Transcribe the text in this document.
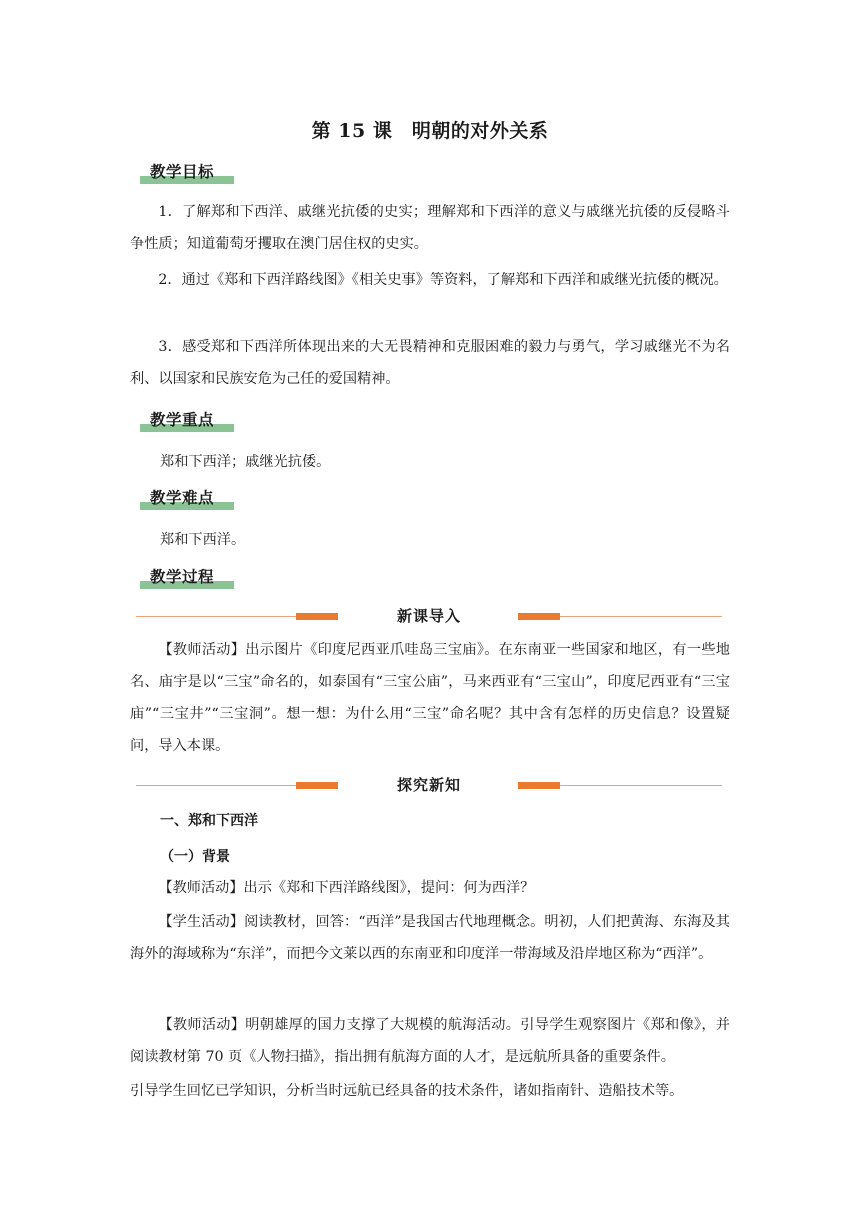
第 15 课　明朝的对外关系
教学目标

1．了解郑和下西洋、戚继光抗倭的史实；理解郑和下西洋的意义与戚继光抗倭的反侵略斗争性质；知道葡萄牙攫取在澳门居住权的史实。

2．通过《郑和下西洋路线图》《相关史事》等资料，了解郑和下西洋和戚继光抗倭的概况。

3．感受郑和下西洋所体现出来的大无畏精神和克服困难的毅力与勇气，学习戚继光不为名利、以国家和民族安危为己任的爱国精神。

教学重点
郑和下西洋；戚继光抗倭。
教学难点
郑和下西洋。
教学过程
新课导入

【教师活动】出示图片《印度尼西亚爪哇岛三宝庙》。在东南亚一些国家和地区，有一些地名、庙宇是以“三宝”命名的，如泰国有“三宝公庙”，马来西亚有“三宝山”，印度尼西亚有“三宝庙”“三宝井”“三宝洞”。想一想：为什么用“三宝”命名呢？其中含有怎样的历史信息？设置疑问，导入本课。

探究新知
一、郑和下西洋
（一）背景

【教师活动】出示《郑和下西洋路线图》，提问：何为西洋？

【学生活动】阅读教材，回答：“西洋”是我国古代地理概念。明初，人们把黄海、东海及其海外的海域称为“东洋”，而把今文莱以西的东南亚和印度洋一带海域及沿岸地区称为“西洋”。

【教师活动】明朝雄厚的国力支撑了大规模的航海活动。引导学生观察图片《郑和像》，并阅读教材第 70 页《人物扫描》，指出拥有航海方面的人才，是远航所具备的重要条件。

引导学生回忆已学知识，分析当时远航已经具备的技术条件，诸如指南针、造船技术等。
